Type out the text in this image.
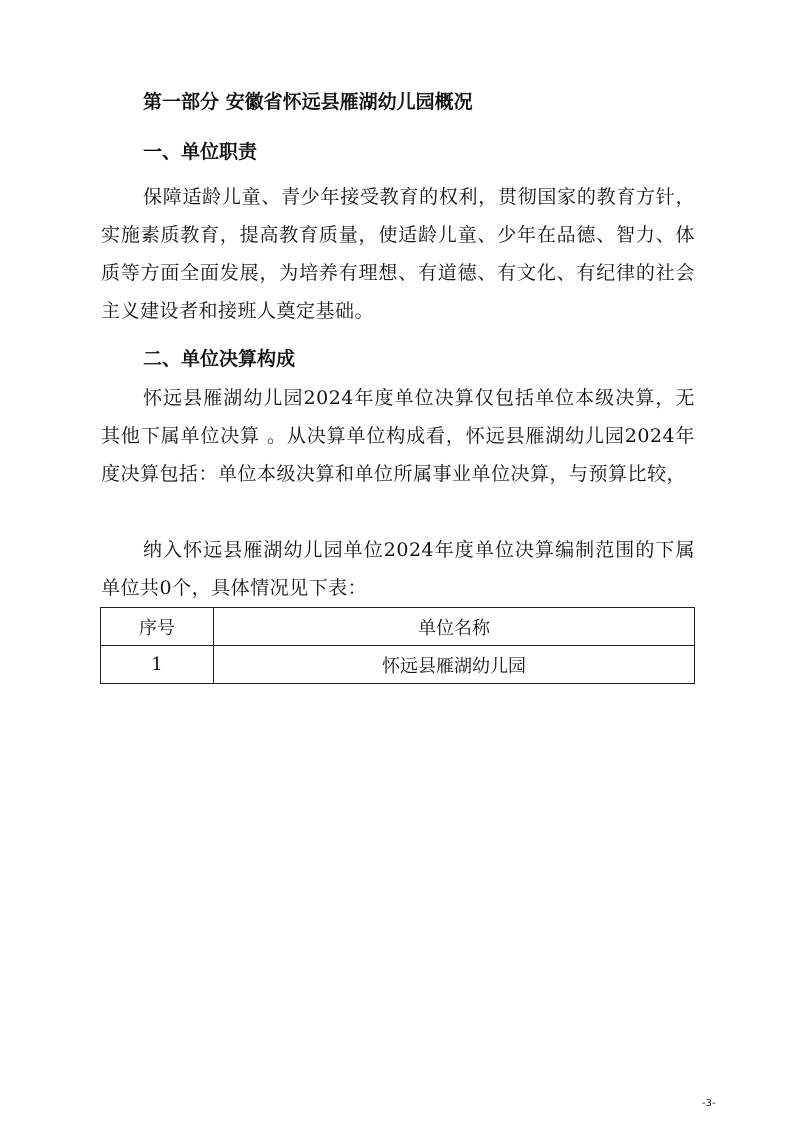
第一部分 安徽省怀远县雁湖幼儿园概况
一、单位职责

保障适龄儿童、青少年接受教育的权利，贯彻国家的教育方针，实施素质教育，提高教育质量，使适龄儿童、少年在品德、智力、体质等方面全面发展，为培养有理想、有道德、有文化、有纪律的社会主义建设者和接班人奠定基础。

二、单位决算构成

怀远县雁湖幼儿园2024年度单位决算仅包括单位本级决算，无其他下属单位决算 。从决算单位构成看，怀远县雁湖幼儿园2024年度决算包括：单位本级决算和单位所属事业单位决算，与预算比较，

纳入怀远县雁湖幼儿园单位2024年度单位决算编制范围的下属单位共0个，具体情况见下表：

序号	单位名称
1	怀远县雁湖幼儿园
-3-
